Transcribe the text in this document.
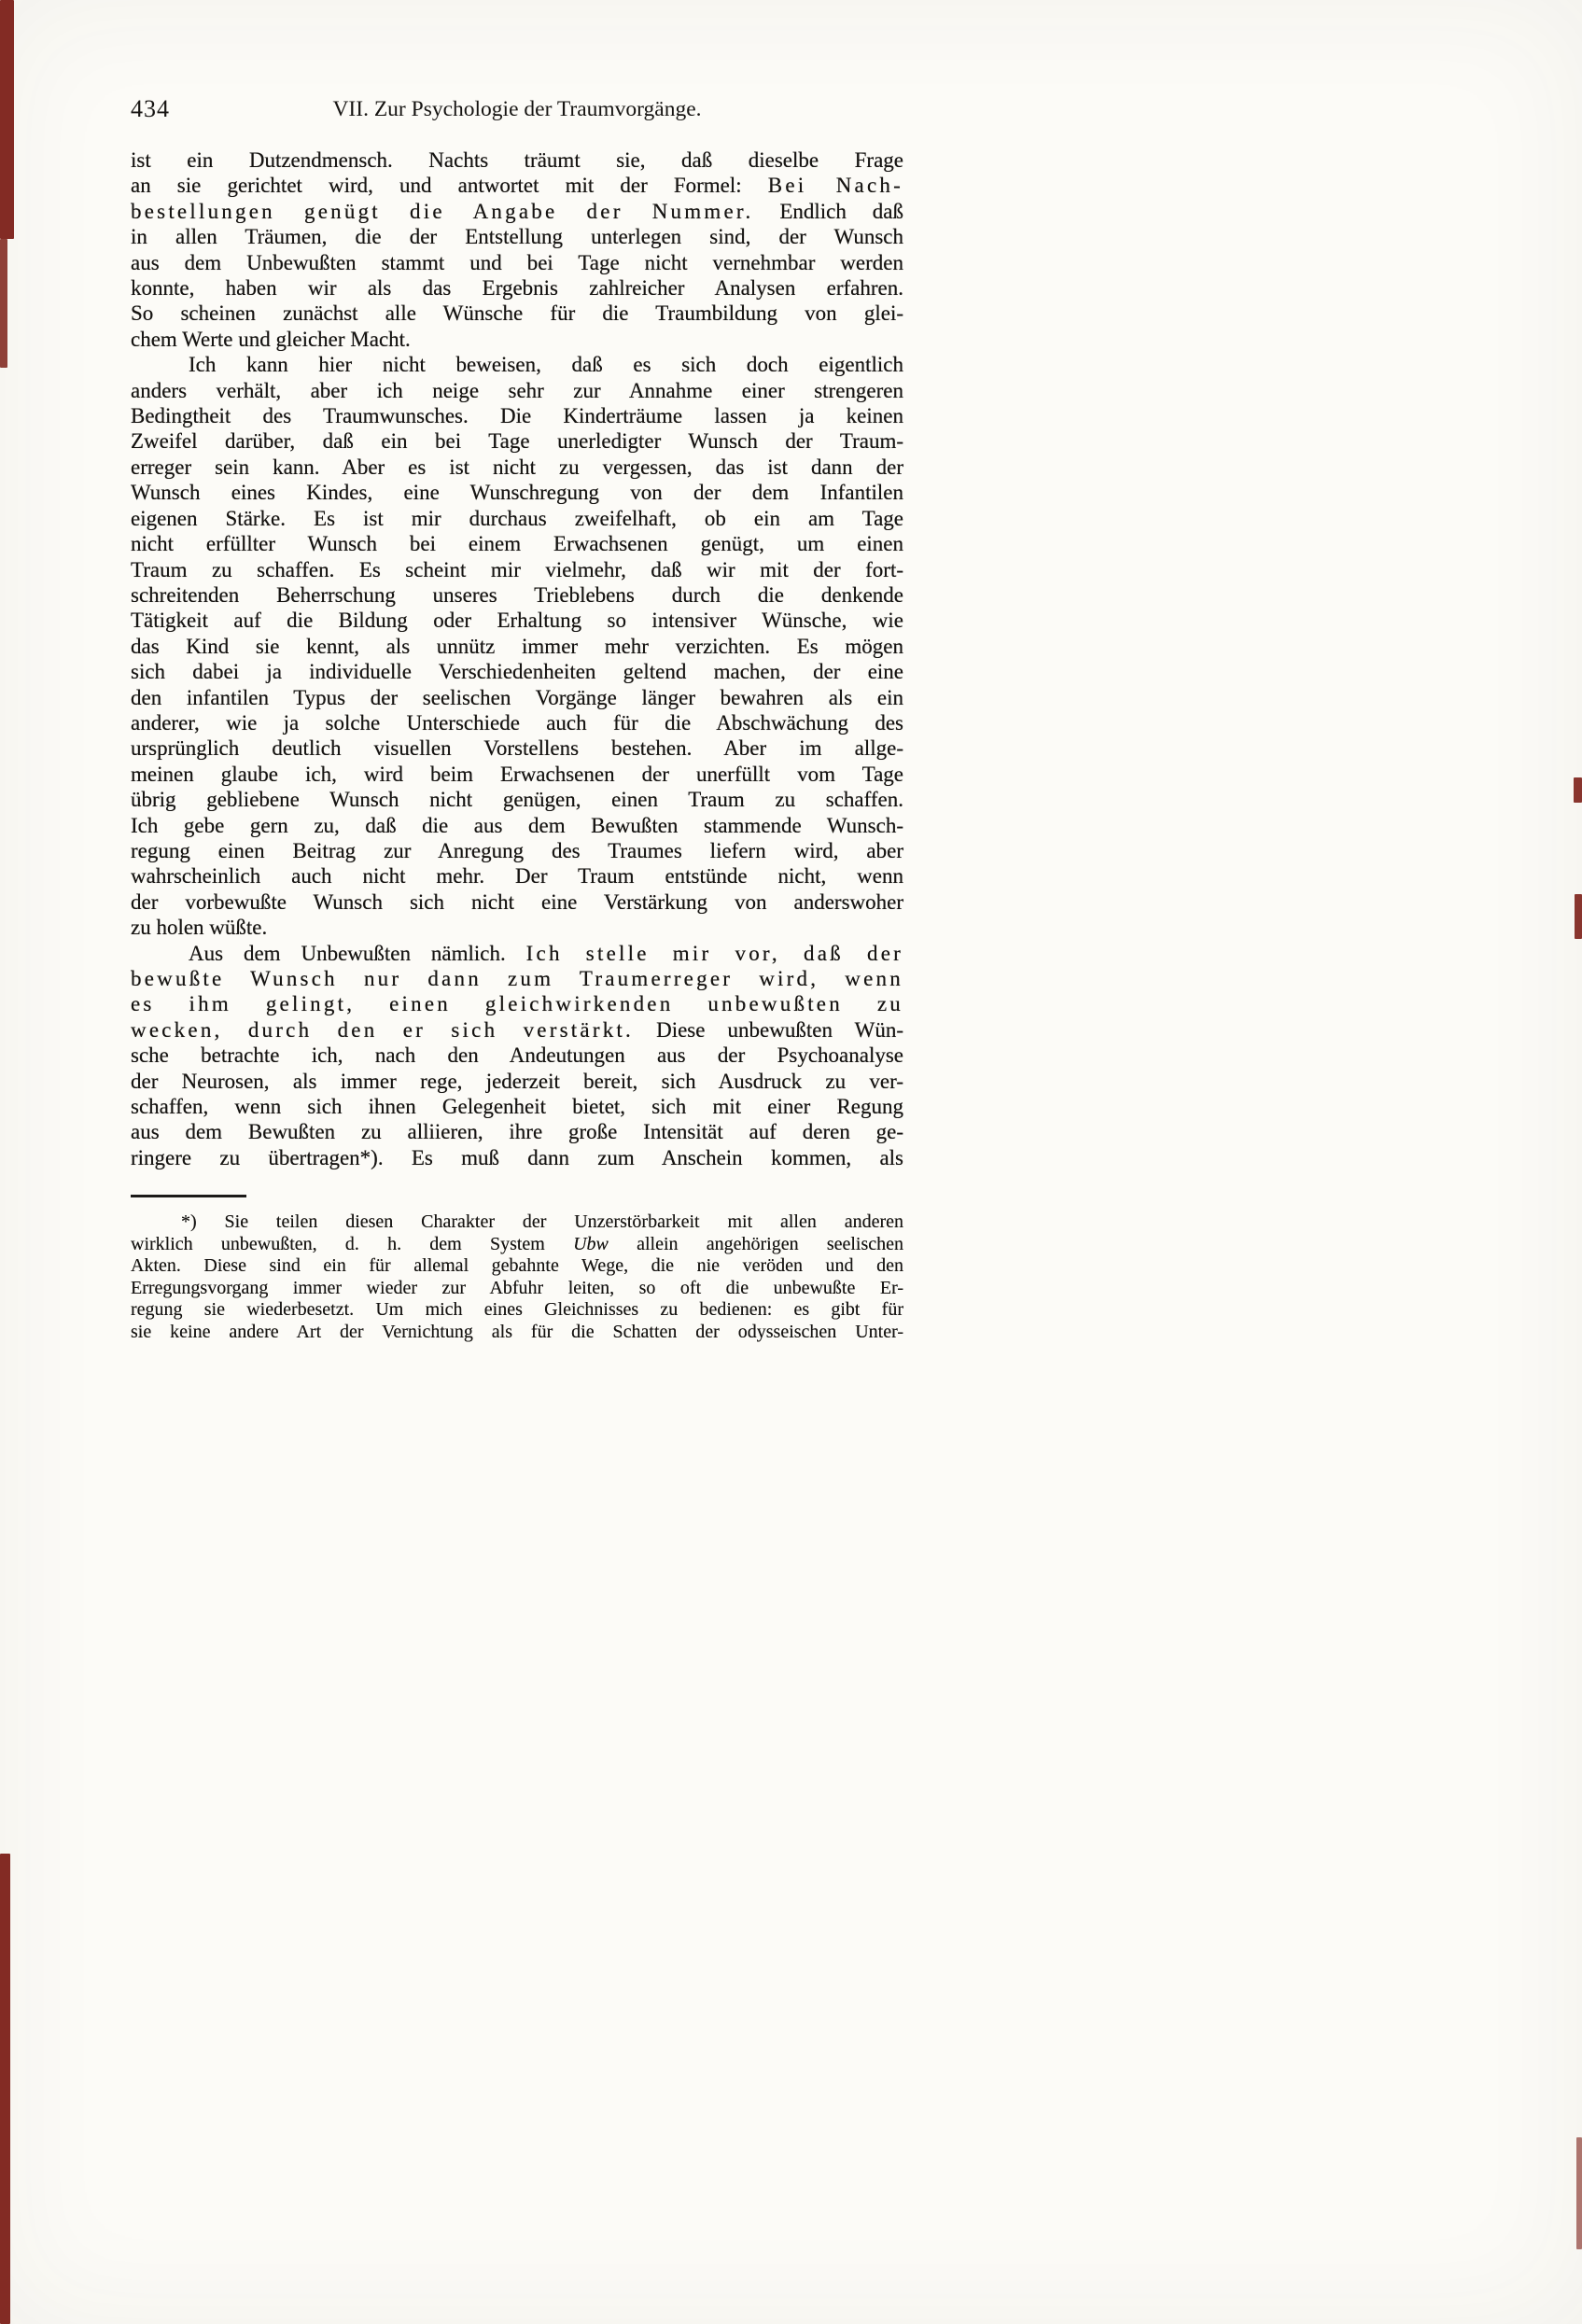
434	VII. Zur Psychologie der Traumvorgänge.
ist ein Dutzendmensch. Nachts träumt sie, daß dieselbe Frage
an sie gerichtet wird, und antwortet mit der Formel: Bei Nach-
bestellungen genügt die Angabe der Nummer. Endlich daß
in allen Träumen, die der Entstellung unterlegen sind, der Wunsch
aus dem Unbewußten stammt und bei Tage nicht vernehmbar werden
konnte, haben wir als das Ergebnis zahlreicher Analysen erfahren.
So scheinen zunächst alle Wünsche für die Traumbildung von glei-
chem Werte und gleicher Macht.
Ich kann hier nicht beweisen, daß es sich doch eigentlich
anders verhält, aber ich neige sehr zur Annahme einer strengeren
Bedingtheit des Traumwunsches. Die Kinderträume lassen ja keinen
Zweifel darüber, daß ein bei Tage unerledigter Wunsch der Traum-
erreger sein kann. Aber es ist nicht zu vergessen, das ist dann der
Wunsch eines Kindes, eine Wunschregung von der dem Infantilen
eigenen Stärke. Es ist mir durchaus zweifelhaft, ob ein am Tage
nicht erfüllter Wunsch bei einem Erwachsenen genügt, um einen
Traum zu schaffen. Es scheint mir vielmehr, daß wir mit der fort-
schreitenden Beherrschung unseres Trieblebens durch die denkende
Tätigkeit auf die Bildung oder Erhaltung so intensiver Wünsche, wie
das Kind sie kennt, als unnütz immer mehr verzichten. Es mögen
sich dabei ja individuelle Verschiedenheiten geltend machen, der eine
den infantilen Typus der seelischen Vorgänge länger bewahren als ein
anderer, wie ja solche Unterschiede auch für die Abschwächung des
ursprünglich deutlich visuellen Vorstellens bestehen. Aber im allge-
meinen glaube ich, wird beim Erwachsenen der unerfüllt vom Tage
übrig gebliebene Wunsch nicht genügen, einen Traum zu schaffen.
Ich gebe gern zu, daß die aus dem Bewußten stammende Wunsch-
regung einen Beitrag zur Anregung des Traumes liefern wird, aber
wahrscheinlich auch nicht mehr. Der Traum entstünde nicht, wenn
der vorbewußte Wunsch sich nicht eine Verstärkung von anderswoher
zu holen wüßte.
Aus dem Unbewußten nämlich. Ich stelle mir vor, daß der
bewußte Wunsch nur dann zum Traumerreger wird, wenn
es ihm gelingt, einen gleichwirkenden unbewußten zu
wecken, durch den er sich verstärkt. Diese unbewußten Wün-
sche betrachte ich, nach den Andeutungen aus der Psychoanalyse
der Neurosen, als immer rege, jederzeit bereit, sich Ausdruck zu ver-
schaffen, wenn sich ihnen Gelegenheit bietet, sich mit einer Regung
aus dem Bewußten zu alliieren, ihre große Intensität auf deren ge-
ringere zu übertragen*). Es muß dann zum Anschein kommen, als
*) Sie teilen diesen Charakter der Unzerstörbarkeit mit allen anderen
wirklich unbewußten, d. h. dem System Ubw allein angehörigen seelischen
Akten. Diese sind ein für allemal gebahnte Wege, die nie veröden und den
Erregungsvorgang immer wieder zur Abfuhr leiten, so oft die unbewußte Er-
regung sie wiederbesetzt. Um mich eines Gleichnisses zu bedienen: es gibt für
sie keine andere Art der Vernichtung als für die Schatten der odysseischen Unter-
